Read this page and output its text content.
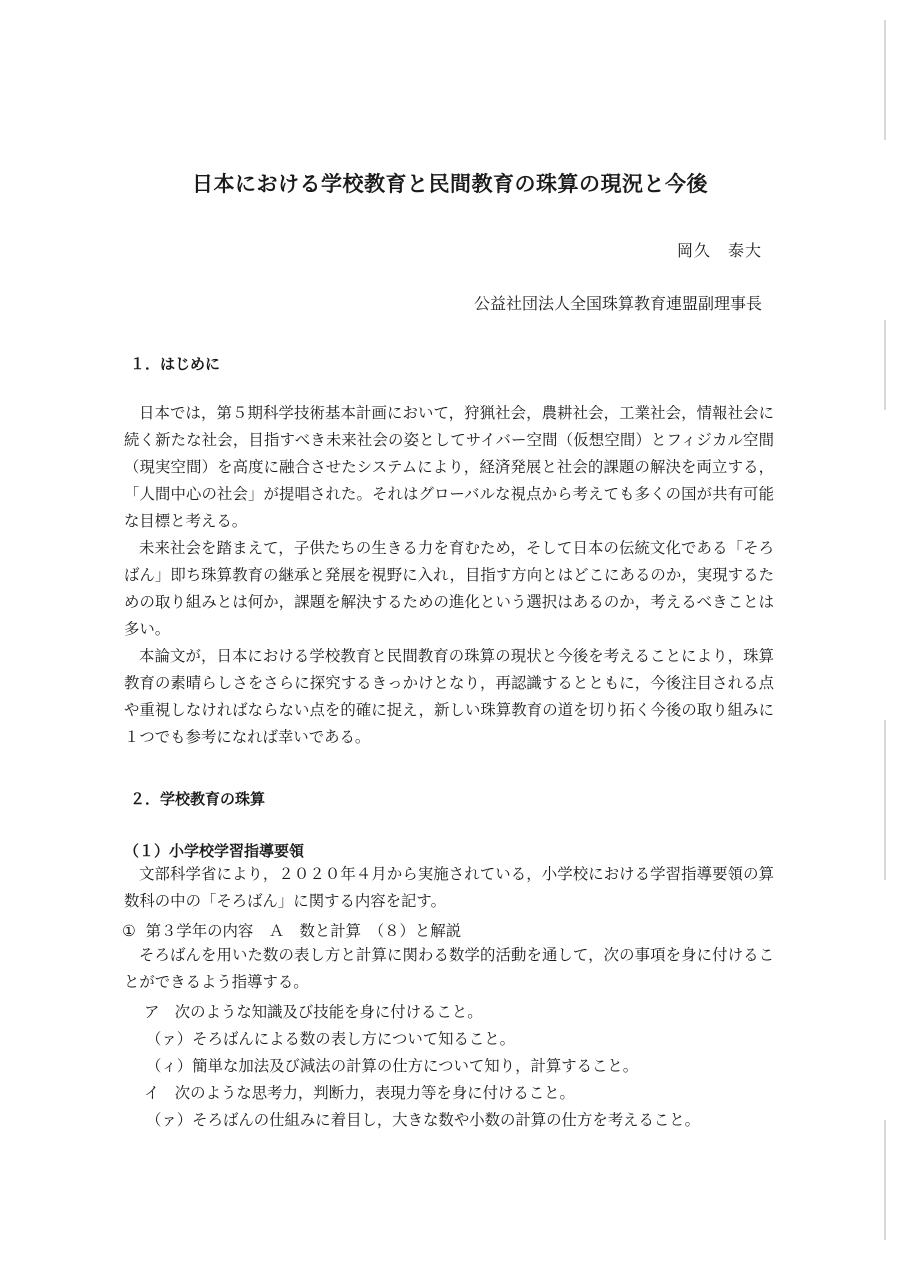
日本における学校教育と民間教育の珠算の現況と今後
岡久　泰大
公益社団法人全国珠算教育連盟副理事長
１．はじめに

日本では，第５期科学技術基本計画において，狩猟社会，農耕社会，工業社会，情報社会に続く新たな社会，目指すべき未来社会の姿としてサイバー空間（仮想空間）とフィジカル空間（現実空間）を高度に融合させたシステムにより，経済発展と社会的課題の解決を両立する，「人間中心の社会」が提唱された。それはグローバルな視点から考えても多くの国が共有可能な目標と考える。

未来社会を踏まえて，子供たちの生きる力を育むため，そして日本の伝統文化である「そろばん」即ち珠算教育の継承と発展を視野に入れ，目指す方向とはどこにあるのか，実現するための取り組みとは何か，課題を解決するための進化という選択はあるのか，考えるべきことは多い。

本論文が，日本における学校教育と民間教育の珠算の現状と今後を考えることにより，珠算教育の素晴らしさをさらに探究するきっかけとなり，再認識するとともに，今後注目される点や重視しなければならない点を的確に捉え，新しい珠算教育の道を切り拓く今後の取り組みに１つでも参考になれば幸いである。

２．学校教育の珠算
（１）小学校学習指導要領

文部科学省により，２０２０年４月から実施されている，小学校における学習指導要領の算数科の中の「そろばん」に関する内容を記す。

①  第３学年の内容　Ａ　数と計算　（８）と解説

そろばんを用いた数の表し方と計算に関わる数学的活動を通して，次の事項を身に付けることができるよう指導する。

ア　次のような知識及び技能を身に付けること。
（ァ）そろばんによる数の表し方について知ること。
（ィ）簡単な加法及び減法の計算の仕方について知り，計算すること。
イ　次のような思考力，判断力，表現力等を身に付けること。
（ァ）そろばんの仕組みに着目し，大きな数や小数の計算の仕方を考えること。
